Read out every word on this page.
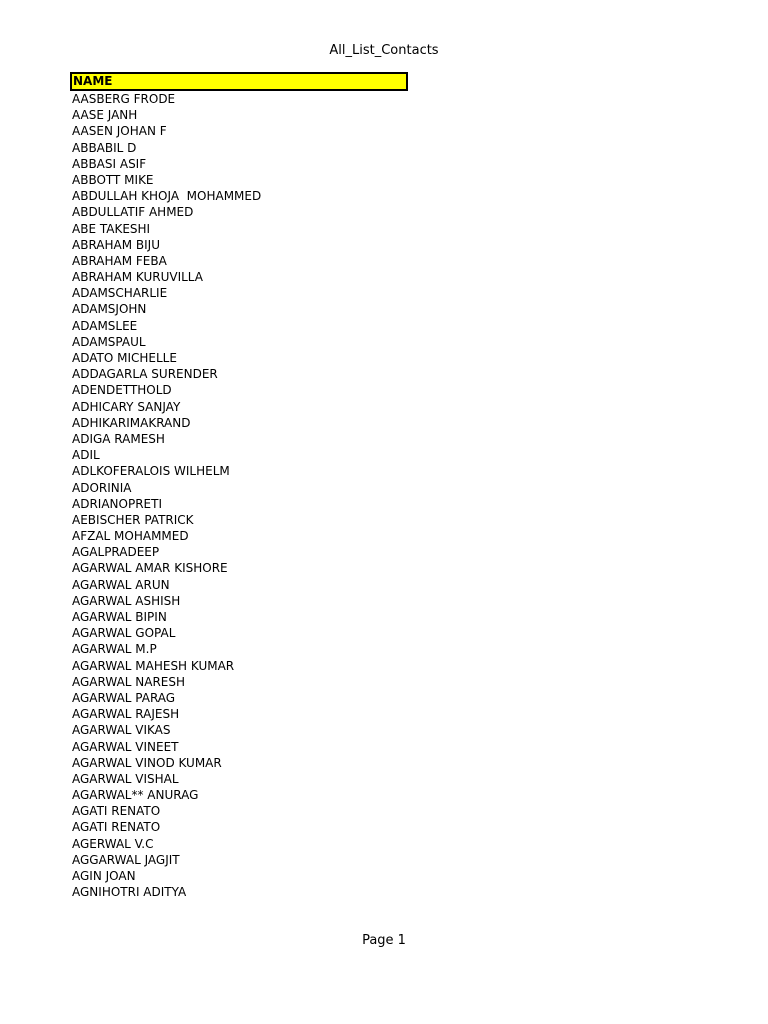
All_List_Contacts
NAME
AASBERG FRODE
AASE JANH
AASEN JOHAN F
ABBABIL D
ABBASI ASIF
ABBOTT MIKE
ABDULLAH KHOJA  MOHAMMED
ABDULLATIF AHMED
ABE TAKESHI
ABRAHAM BIJU
ABRAHAM FEBA
ABRAHAM KURUVILLA
ADAMSCHARLIE
ADAMSJOHN
ADAMSLEE
ADAMSPAUL
ADATO MICHELLE
ADDAGARLA SURENDER
ADENDETTHOLD
ADHICARY SANJAY
ADHIKARIMAKRAND
ADIGA RAMESH
ADIL
ADLKOFERALOIS WILHELM
ADORINIA
ADRIANOPRETI
AEBISCHER PATRICK
AFZAL MOHAMMED
AGALPRADEEP
AGARWAL AMAR KISHORE
AGARWAL ARUN
AGARWAL ASHISH
AGARWAL BIPIN
AGARWAL GOPAL
AGARWAL M.P
AGARWAL MAHESH KUMAR
AGARWAL NARESH
AGARWAL PARAG
AGARWAL RAJESH
AGARWAL VIKAS
AGARWAL VINEET
AGARWAL VINOD KUMAR
AGARWAL VISHAL
AGARWAL** ANURAG
AGATI RENATO
AGATI RENATO
AGERWAL V.C
AGGARWAL JAGJIT
AGIN JOAN
AGNIHOTRI ADITYA
Page 1
